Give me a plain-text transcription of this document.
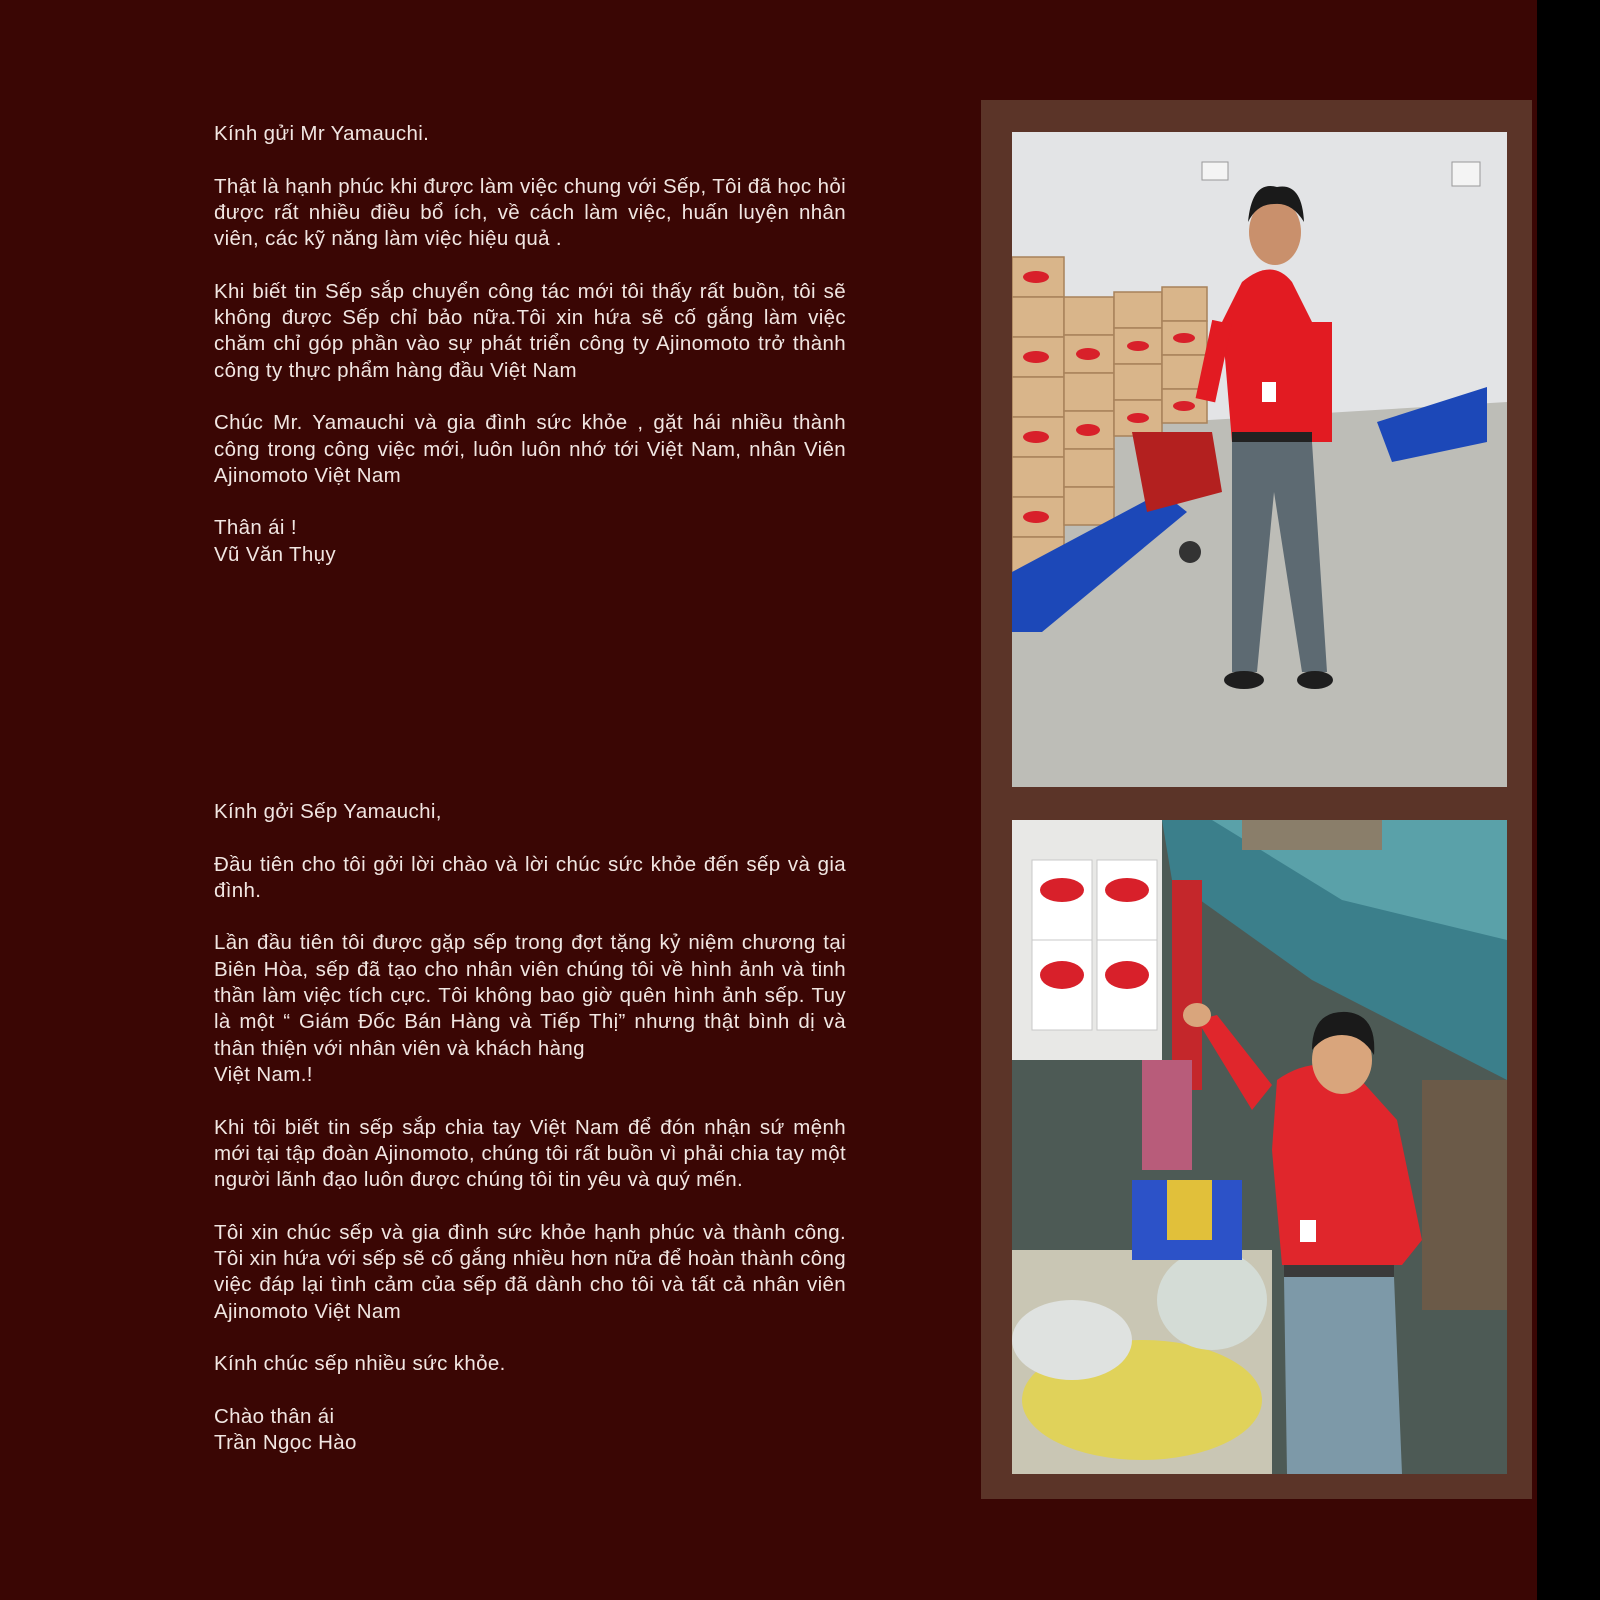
Kính gửi Mr Yamauchi.

Thật là hạnh phúc khi được làm việc chung với Sếp, Tôi đã học hỏi được rất nhiều điều bổ ích, về cách làm việc, huấn luyện nhân viên, các kỹ năng làm việc hiệu quả .

Khi biết tin Sếp sắp chuyển công tác mới tôi thấy rất buồn, tôi sẽ không được Sếp chỉ bảo nữa.Tôi xin hứa sẽ cố gắng làm việc chăm chỉ góp phần vào sự phát triển công ty Ajinomoto trở thành công ty thực phẩm hàng đầu Việt Nam

Chúc Mr. Yamauchi và gia đình sức khỏe , gặt hái nhiều thành công trong công việc mới, luôn luôn nhớ tới Việt Nam, nhân Viên Ajinomoto Việt Nam

Thân ái !
Vũ Văn Thụy

Kính gởi Sếp Yamauchi,

Đầu tiên cho tôi gởi lời chào và lời chúc sức khỏe đến sếp và gia đình.

Lần đầu tiên tôi được gặp sếp trong đợt tặng kỷ niệm chương tại Biên Hòa, sếp đã tạo cho nhân viên chúng tôi về hình ảnh và tinh thần làm việc tích cực. Tôi không bao giờ quên hình ảnh sếp. Tuy là một “ Giám Đốc Bán Hàng và Tiếp Thị” nhưng thật bình dị và thân thiện với nhân viên và khách hàng
Việt Nam.!

Khi tôi biết tin sếp sắp chia tay Việt Nam để đón nhận sứ mệnh mới tại tập đoàn Ajinomoto, chúng tôi rất buồn vì phải chia tay một người lãnh đạo luôn được chúng tôi tin yêu và quý mến.

Tôi xin chúc sếp và gia đình sức khỏe hạnh phúc và thành công. Tôi xin hứa với sếp sẽ cố gắng nhiều hơn nữa để hoàn thành công việc đáp lại tình cảm của sếp đã dành cho tôi và tất cả nhân viên Ajinomoto Việt Nam

Kính chúc sếp nhiều sức khỏe.

Chào thân ái
Trần Ngọc Hào
